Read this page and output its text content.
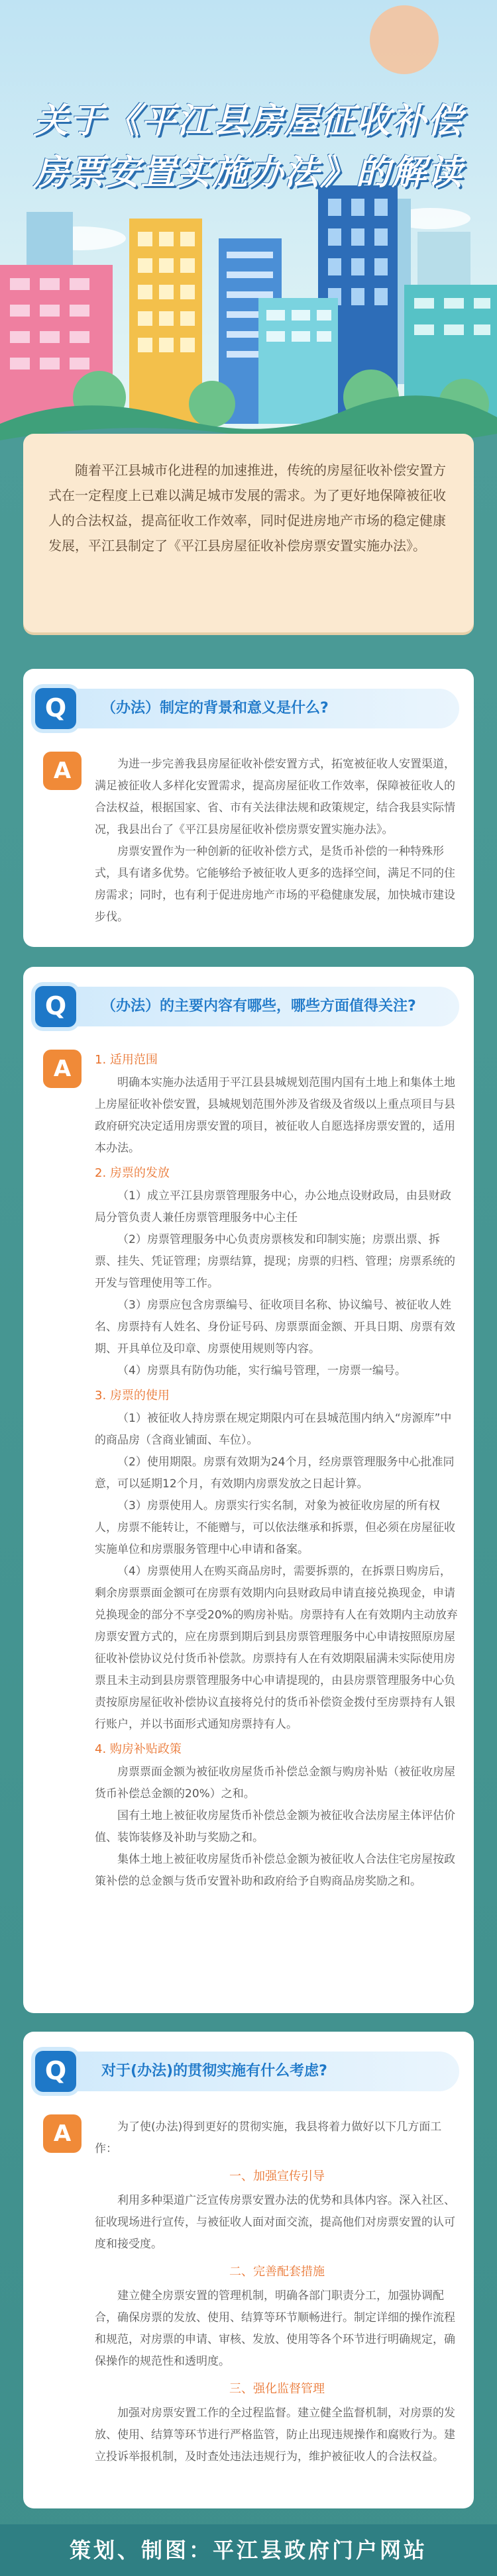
关于《平江县房屋征收补偿
房票安置实施办法》的解读

随着平江县城市化进程的加速推进，传统的房屋征收补偿安置方式在一定程度上已难以满足城市发展的需求。为了更好地保障被征收人的合法权益，提高征收工作效率，同时促进房地产市场的稳定健康发展，平江县制定了《平江县房屋征收补偿房票安置实施办法》。

Q	（办法）制定的背景和意义是什么?
A	为进一步完善我县房屋征收补偿安置方式，拓宽被征收人安置渠道，满足被征收人多样化安置需求，提高房屋征收工作效率，保障被征收人的合法权益，根据国家、省、市有关法律法规和政策规定，结合我县实际情况，我县出台了《平江县房屋征收补偿房票安置实施办法》。

房票安置作为一种创新的征收补偿方式，是货币补偿的一种特殊形式，具有诸多优势。它能够给予被征收人更多的选择空间，满足不同的住房需求；同时，也有利于促进房地产市场的平稳健康发展，加快城市建设步伐。

Q	（办法）的主要内容有哪些，哪些方面值得关注?
A	1. 适用范围

明确本实施办法适用于平江县县城规划范围内国有土地上和集体土地上房屋征收补偿安置，县城规划范围外涉及省级及省级以上重点项目与县政府研究决定适用房票安置的项目，被征收人自愿选择房票安置的，适用本办法。

2. 房票的发放

（1）成立平江县房票管理服务中心，办公地点设财政局，由县财政局分管负责人兼任房票管理服务中心主任

（2）房票管理服务中心负责房票核发和印制实施；房票出票、拆票、挂失、凭证管理；房票结算，提现；房票的归档、管理；房票系统的开发与管理使用等工作。

（3）房票应包含房票编号、征收项目名称、协议编号、被征收人姓名、房票持有人姓名、身份证号码、房票票面金额、开具日期、房票有效期、开具单位及印章、房票使用规则等内容。

（4）房票具有防伪功能，实行编号管理，一房票一编号。

3. 房票的使用

（1）被征收人持房票在规定期限内可在县城范围内纳入“房源库”中的商品房（含商业铺面、车位）。

（2）使用期限。房票有效期为24个月，经房票管理服务中心批准同意，可以延期12个月，有效期内房票发放之日起计算。

（3）房票使用人。房票实行实名制，对象为被征收房屋的所有权人，房票不能转让，不能赠与，可以依法继承和拆票，但必须在房屋征收实施单位和房票服务管理中心申请和备案。

（4）房票使用人在购买商品房时，需要拆票的，在拆票日购房后，剩余房票票面金额可在房票有效期内向县财政局申请直接兑换现金，申请兑换现金的部分不享受20%的购房补贴。房票持有人在有效期内主动放弃房票安置方式的，应在房票到期后到县房票管理服务中心申请按照原房屋征收补偿协议兑付货币补偿款。房票持有人在有效期限届满未实际使用房票且未主动到县房票管理服务中心申请提现的，由县房票管理服务中心负责按原房屋征收补偿协议直接将兑付的货币补偿资金拨付至房票持有人银行账户，并以书面形式通知房票持有人。

4. 购房补贴政策

房票票面金额为被征收房屋货币补偿总金额与购房补贴（被征收房屋货币补偿总金额的20%）之和。

国有土地上被征收房屋货币补偿总金额为被征收合法房屋主体评估价值、装饰装修及补助与奖励之和。

集体土地上被征收房屋货币补偿总金额为被征收人合法住宅房屋按政策补偿的总金额与货币安置补助和政府给予自购商品房奖励之和。

Q	对于(办法)的贯彻实施有什么考虑?
A	为了使(办法)得到更好的贯彻实施，我县将着力做好以下几方面工作：

一、加强宣传引导

利用多种渠道广泛宣传房票安置办法的优势和具体内容。深入社区、征收现场进行宣传，与被征收人面对面交流，提高他们对房票安置的认可度和接受度。

二、完善配套措施

建立健全房票安置的管理机制，明确各部门职责分工，加强协调配合，确保房票的发放、使用、结算等环节顺畅进行。制定详细的操作流程和规范，对房票的申请、审核、发放、使用等各个环节进行明确规定，确保操作的规范性和透明度。

三、强化监督管理

加强对房票安置工作的全过程监督。建立健全监督机制，对房票的发放、使用、结算等环节进行严格监管，防止出现违规操作和腐败行为。建立投诉举报机制，及时查处违法违规行为，维护被征收人的合法权益。

策划、制图：平江县政府门户网站
